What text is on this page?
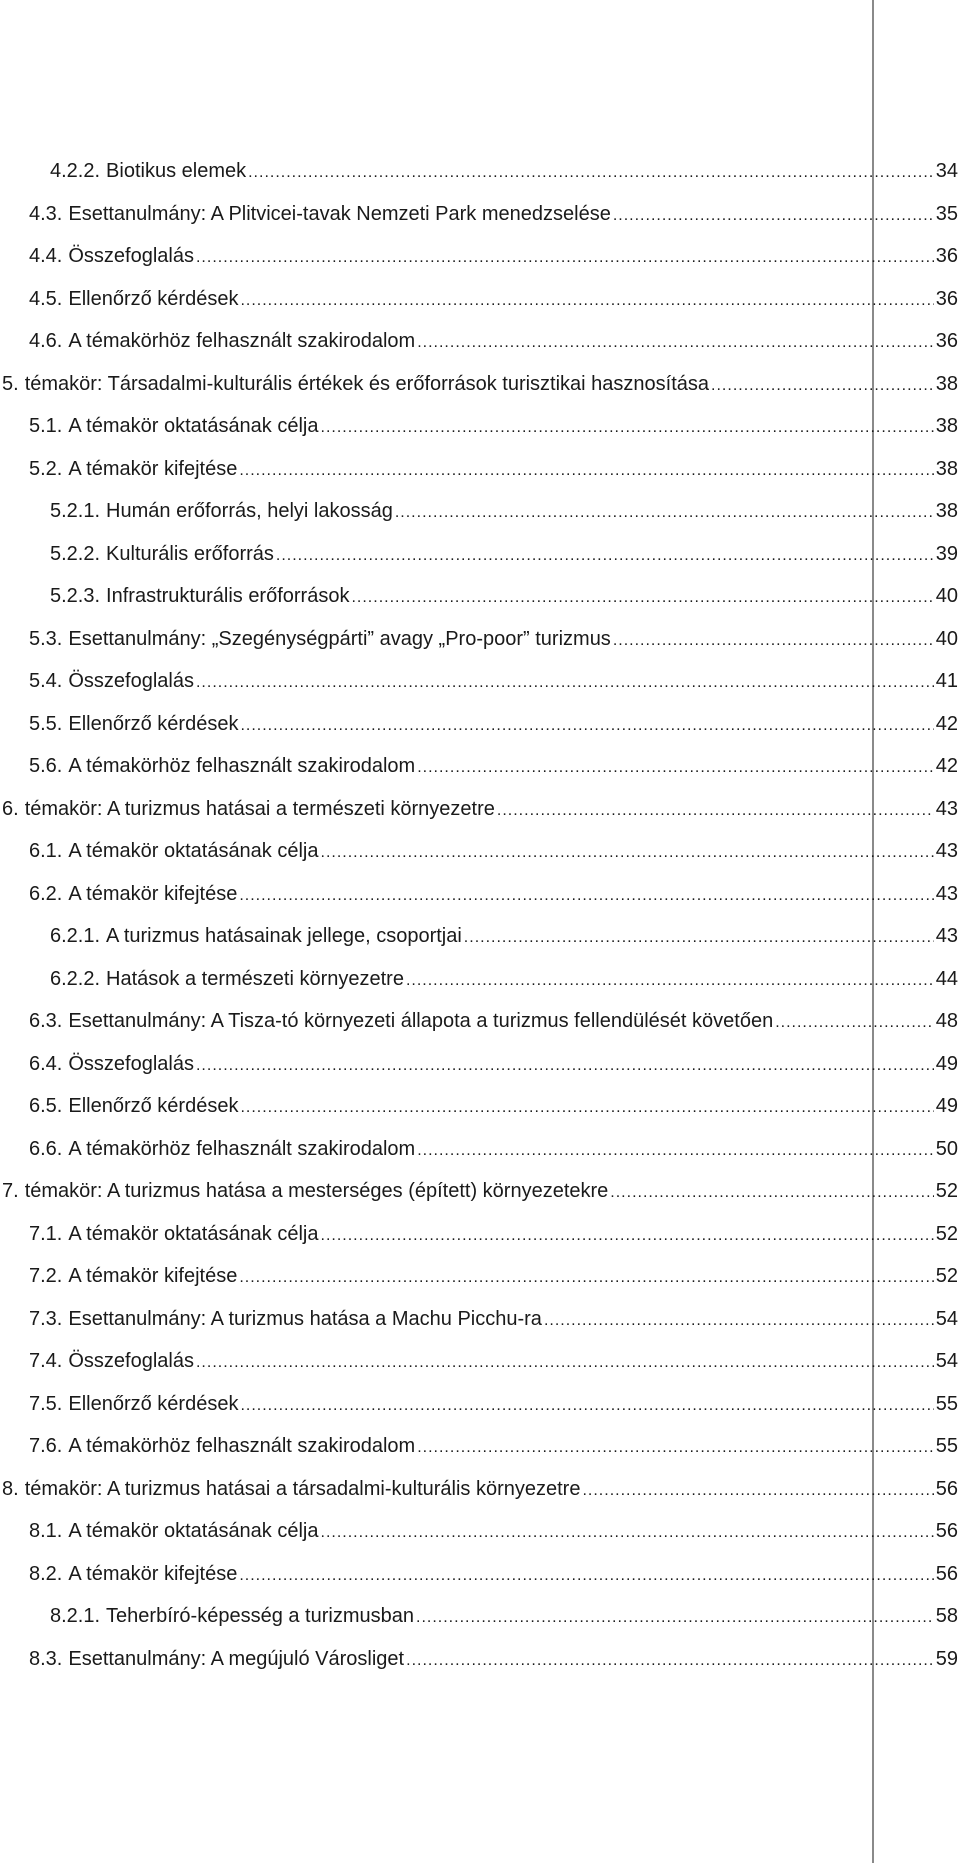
4.2.2. Biotikus elemek .....	34
4.3. Esettanulmány: A Plitvicei-tavak Nemzeti Park menedzselése .....	35
4.4. Összefoglalás .....	36
4.5. Ellenőrző kérdések .....	36
4.6. A témakörhöz felhasznált szakirodalom .....	36
5. témakör: Társadalmi-kulturális értékek és erőforrások turisztikai hasznosítása .....	38
5.1. A témakör oktatásának célja .....	38
5.2. A témakör kifejtése .....	38
5.2.1. Humán erőforrás, helyi lakosság .....	38
5.2.2. Kulturális erőforrás .....	39
5.2.3. Infrastrukturális erőforrások .....	40
5.3. Esettanulmány: „Szegénységpárti” avagy „Pro-poor” turizmus .....	40
5.4. Összefoglalás .....	41
5.5. Ellenőrző kérdések .....	42
5.6. A témakörhöz felhasznált szakirodalom .....	42
6. témakör: A turizmus hatásai a természeti környezetre .....	43
6.1. A témakör oktatásának célja .....	43
6.2. A témakör kifejtése .....	43
6.2.1. A turizmus hatásainak jellege, csoportjai .....	43
6.2.2. Hatások a természeti környezetre .....	44
6.3. Esettanulmány: A Tisza-tó környezeti állapota a turizmus fellendülését követően .....	48
6.4. Összefoglalás .....	49
6.5. Ellenőrző kérdések .....	49
6.6. A témakörhöz felhasznált szakirodalom .....	50
7. témakör: A turizmus hatása a mesterséges (épített) környezetekre .....	52
7.1. A témakör oktatásának célja .....	52
7.2. A témakör kifejtése .....	52
7.3. Esettanulmány: A turizmus hatása a Machu Picchu-ra .....	54
7.4. Összefoglalás .....	54
7.5. Ellenőrző kérdések .....	55
7.6. A témakörhöz felhasznált szakirodalom .....	55
8. témakör: A turizmus hatásai a társadalmi-kulturális környezetre .....	56
8.1. A témakör oktatásának célja .....	56
8.2. A témakör kifejtése .....	56
8.2.1. Teherbíró-képesség a turizmusban .....	58
8.3. Esettanulmány: A megújuló Városliget .....	59
